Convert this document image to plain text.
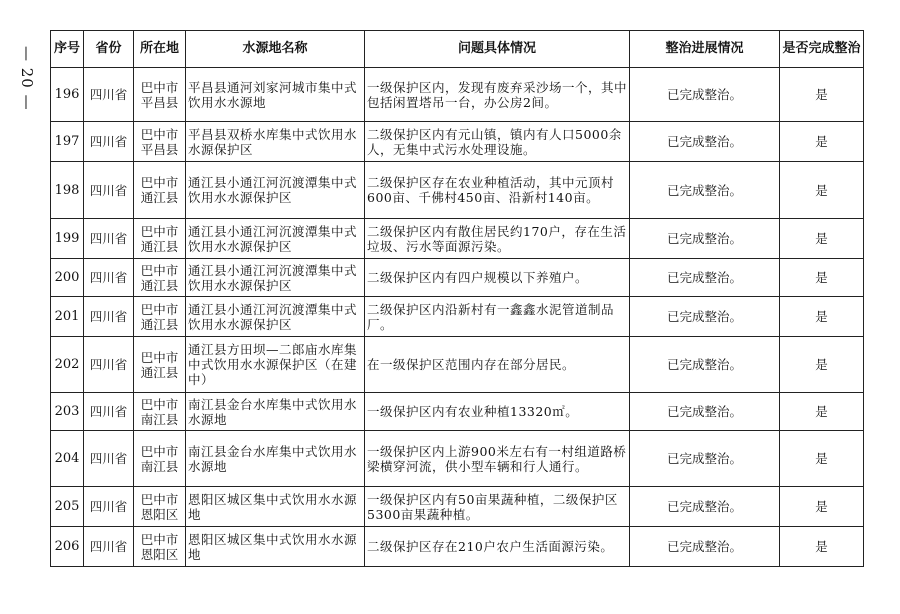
— 20 — 序号	省份	所在地	水源地名称	问题具体情况	整治进展情况	是否完成整治
196	四川省	巴中市平昌县	平昌县通河刘家河城市集中式饮用水水源地	一级保护区内，发现有废弃采沙场一个，其中包括闲置塔吊一台，办公房2间。	已完成整治。	是
197	四川省	巴中市平昌县	平昌县双桥水库集中式饮用水水源保护区	二级保护区内有元山镇，镇内有人口5000余人，无集中式污水处理设施。	已完成整治。	是
198	四川省	巴中市通江县	通江县小通江河沉渡潭集中式饮用水水源保护区	二级保护区存在农业种植活动，其中元顶村600亩、千佛村450亩、沿新村140亩。	已完成整治。	是
199	四川省	巴中市通江县	通江县小通江河沉渡潭集中式饮用水水源保护区	二级保护区内有散住居民约170户，存在生活垃圾、污水等面源污染。	已完成整治。	是
200	四川省	巴中市通江县	通江县小通江河沉渡潭集中式饮用水水源保护区	二级保护区内有四户规模以下养殖户。	已完成整治。	是
201	四川省	巴中市通江县	通江县小通江河沉渡潭集中式饮用水水源保护区	二级保护区内沿新村有一鑫鑫水泥管道制品厂。	已完成整治。	是
202	四川省	巴中市通江县	通江县方田坝—二郎庙水库集中式饮用水水源保护区（在建中）	在一级保护区范围内存在部分居民。	已完成整治。	是
203	四川省	巴中市南江县	南江县金台水库集中式饮用水水源地	一级保护区内有农业种植13320㎡。	已完成整治。	是
204	四川省	巴中市南江县	南江县金台水库集中式饮用水水源地	一级保护区内上游900米左右有一村组道路桥梁横穿河流，供小型车辆和行人通行。	已完成整治。	是
205	四川省	巴中市恩阳区	恩阳区城区集中式饮用水水源地	一级保护区内有50亩果蔬种植，二级保护区5300亩果蔬种植。	已完成整治。	是
206	四川省	巴中市恩阳区	恩阳区城区集中式饮用水水源地	二级保护区存在210户农户生活面源污染。	已完成整治。	是
